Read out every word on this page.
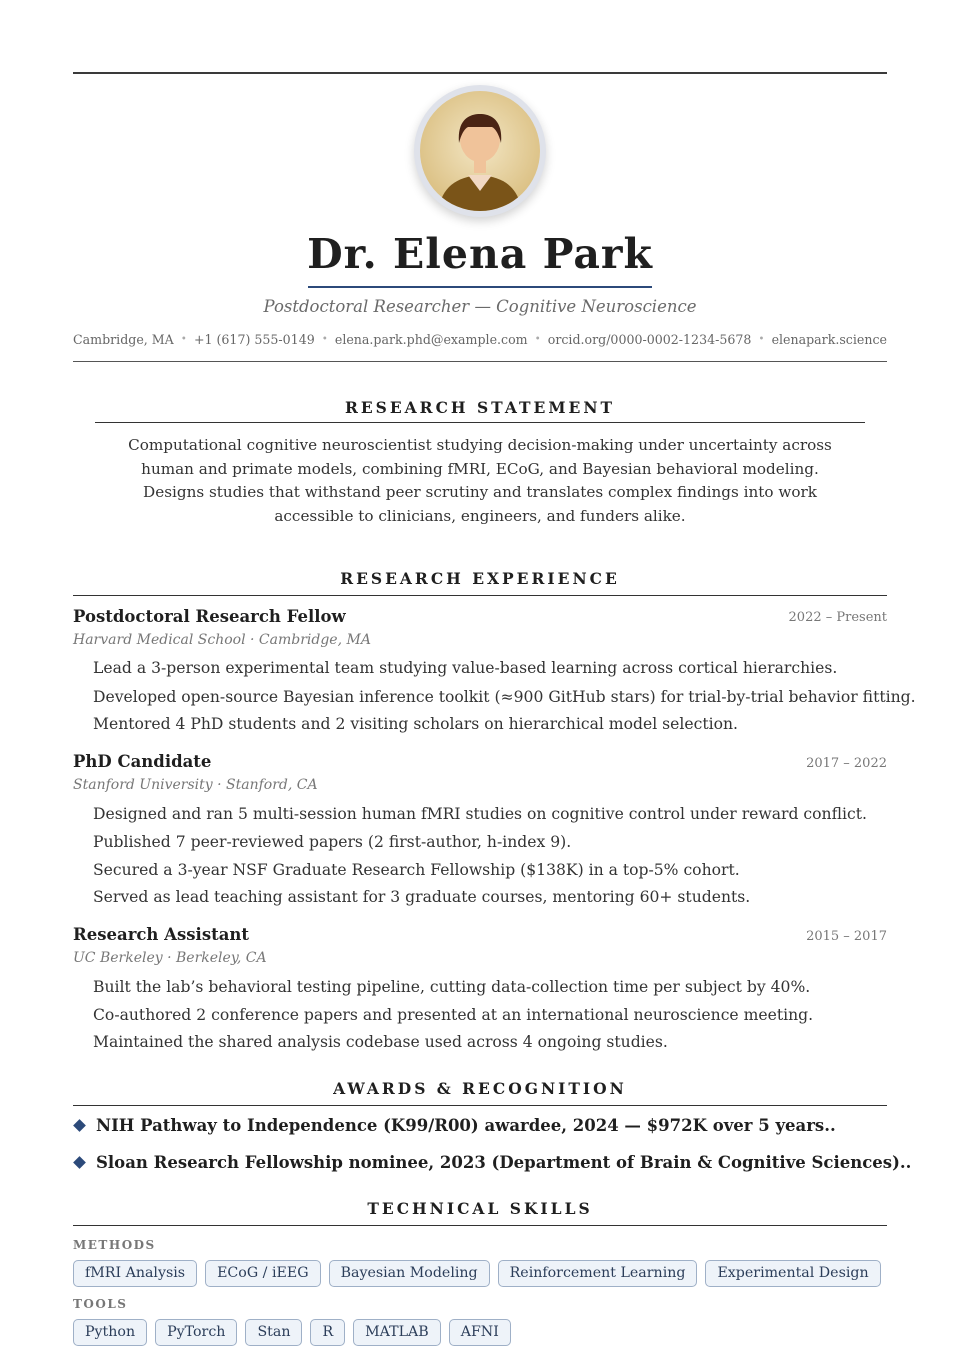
Dr. Elena Park
Postdoctoral Researcher — Cognitive Neuroscience
Cambridge, MA • +1 (617) 555-0149 • elena.park.phd@example.com • orcid.org/0000-0002-1234-5678 • elenapark.science
RESEARCH STATEMENT
Computational cognitive neuroscientist studying decision-making under uncertainty across human and primate models, combining fMRI, ECoG, and Bayesian behavioral modeling. Designs studies that withstand peer scrutiny and translates complex findings into work accessible to clinicians, engineers, and funders alike.
RESEARCH EXPERIENCE
Postdoctoral Research Fellow	2022 – Present
Harvard Medical School · Cambridge, MA
Lead a 3-person experimental team studying value-based learning across cortical hierarchies.
Developed open-source Bayesian inference toolkit (≈900 GitHub stars) for trial-by-trial behavior fitting.
Mentored 4 PhD students and 2 visiting scholars on hierarchical model selection.
PhD Candidate	2017 – 2022
Stanford University · Stanford, CA
Designed and ran 5 multi-session human fMRI studies on cognitive control under reward conflict.
Published 7 peer-reviewed papers (2 first-author, h-index 9).
Secured a 3-year NSF Graduate Research Fellowship ($138K) in a top-5% cohort.
Served as lead teaching assistant for 3 graduate courses, mentoring 60+ students.
Research Assistant	2015 – 2017
UC Berkeley · Berkeley, CA
Built the lab’s behavioral testing pipeline, cutting data-collection time per subject by 40%.
Co-authored 2 conference papers and presented at an international neuroscience meeting.
Maintained the shared analysis codebase used across 4 ongoing studies.
AWARDS & RECOGNITION
NIH Pathway to Independence (K99/R00) awardee, 2024 — $972K over 5 years..
Sloan Research Fellowship nominee, 2023 (Department of Brain & Cognitive Sciences)..
TECHNICAL SKILLS
METHODS
fMRI Analysis	ECoG / iEEG	Bayesian Modeling	Reinforcement Learning	Experimental Design
TOOLS
Python	PyTorch	Stan	R	MATLAB	AFNI
